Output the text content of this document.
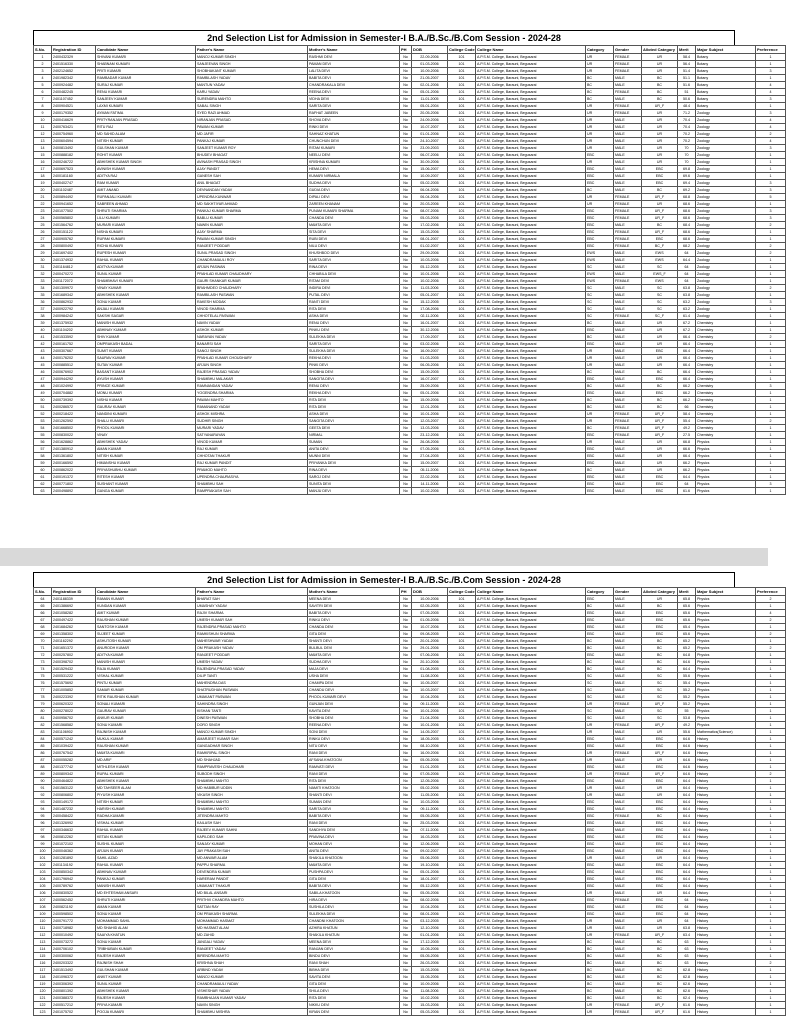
2nd Selection List for Admission in Semester-I B.A./B.Sc./B.Com Session - 2024-28
S.No.	Registration ID	Candidate Name	Father's Name	Mother's Name	PH	DOB	College Code	College Name	Category	Gender	Alloted Category	Merit	Major Subject	Preference
1	2400432329	SHIVANI KUMARI	MANOJ KUMAR SINGH	RASHMI DEVI	No	22-09-2006	101	A.P.S.M. College, Barauni, Begusarai	UR	FEMALE	UR	58.4	Botany	1
2	2401516330	SHABNAM KUMARI	SANJEEVAN SINGH	PAMAN DEVI	No	01-03-2006	101	A.P.S.M. College, Barauni, Begusarai	UR	FEMALE	UR	56.4	Botany	1
3	2402124652	PRITI KUMARI	SHOBHAKANT KUMAR	LALITA DEVI	No	10-09-2006	101	A.P.S.M. College, Barauni, Begusarai	UR	FEMALE	UR	51.4	Botany	3
4	2401982342	RAMBADAR KUMAR	RAMBILASH YADAV	BABITA DEVI	No	21-05-2007	101	A.P.S.M. College, Barauni, Begusarai	BC	MALE	BC	51.1	Botany	1
5	2400924482	SURAJ KUMAR	MANTUN YADAV	CHANDRAKALA DEVI	No	02-01-2006	101	A.P.S.M. College, Barauni, Begusarai	BC	MALE	BC	51.6	Botany	4
6	2400482245	RENU KUMARI	KARU YADAV	REENA DEVI	No	05-01-2006	101	A.P.S.M. College, Barauni, Begusarai	BC	FEMALE	BC	51	Botany	4
7	2401107452	SANJEEV KUMAR	SURENDRA MAHTO	VIDHA DEVI	No	11-01-2005	101	A.P.S.M. College, Barauni, Begusarai	BC	MALE	BC	50.6	Botany	3
8	2400904521	LAXMI KUMARI	SABAL SINGH	SARITA DEVI	No	05-01-2004	101	A.P.S.M. College, Barauni, Begusarai	UR	FEMALE	UR_F	48.4	Botany	1
9	2400179352	AYMAN FATIMA	SYED RAZI AHMAD	RAFHAT JABEEN	No	20-05-2006	101	A.P.S.M. College, Barauni, Begusarai	UR	FEMALE	UR	71.2	Zoology	3
10	2400416629	PRITYRANJAN PRASAD	NIRANJAN PRASAD	SHOVA DEVI	No	24-09-2006	101	A.P.S.M. College, Barauni, Begusarai	UR	MALE	UR	70.4	Zoology	4
11	2400763421	RITU RAJ	PAWAN KUMAR	RINKI DEVI	No	10-07-2007	101	A.P.S.M. College, Barauni, Begusarai	UR	MALE	UR	70.4	Zoology	4
12	2400754960	MD SAHID ALAM	MD JAFIR	SAHNAZ KHATUN	No	01-01-2006	101	A.P.S.M. College, Barauni, Begusarai	UR	MALE	UR	70.2	Zoology	2
13	2400604594	NITISH KUMAR	PANKAJ KUMAR	CHUNCHUN DEVI	No	24-10-2007	101	A.P.S.M. College, Barauni, Begusarai	UR	MALE	UR	70.2	Zoology	4
14	2400813492	GULSHAN KUMAR	SANJEET KUMAR ROY	RITAM KUMARI	No	23-09-2003	101	A.P.S.M. College, Barauni, Begusarai	UR	MALE	UR	70	Zoology	3
15	2400888182	ROHIT KUMAR	BHUDEV BHAGAT	NEELU DEVI	No	06-07-2006	101	A.P.S.M. College, Barauni, Begusarai	EBC	MALE	UR	70	Zoology	1
16	2400246722	ABHISHEK KUMAR SINGH	AVINASH PRASAD SINGH	KRISHNA KUMARI	No	30-09-2006	101	A.P.S.M. College, Barauni, Begusarai	UR	MALE	UR	70	Zoology	1
17	2400697523	AVINISH KUMAR	AJAY PANDIT	HEMA DEVI	No	15-06-2007	101	A.P.S.M. College, Barauni, Begusarai	EBC	MALE	EBC	69.8	Zoology	1
18	2400181160	ADITYA RAJ	GANESH SAH	KUMARI NIRMALA	No	10-09-2007	101	A.P.S.M. College, Barauni, Begusarai	EBC	MALE	EBC	69.6	Zoology	1
19	2400402747	RAM KUMAR	ANIL BHAGAT	SUDHA DEVI	No	05-02-2005	101	A.P.S.M. College, Barauni, Begusarai	EBC	MALE	EBC	69.4	Zoology	3
20	2401102487	AMIT ANAND	DEVNANDAN YADAV	GUDIA DEVI	No	06-04-2006	101	A.P.S.M. College, Barauni, Begusarai	BC	MALE	BC	69.2	Zoology	3
21	2400894492	RUPANJALI KUMARI	UPENDRA KUNWAR	DIPALI DEVI	No	06-04-2006	101	A.P.S.M. College, Barauni, Begusarai	UR	FEMALE	UR_F	68.8	Zoology	5
22	2400941652	SABREEN AHMAD	MD SAKHTIYAR AHMAD	ZAREEN KHANAM	No	20-03-2006	101	A.P.S.M. College, Barauni, Begusarai	UR	FEMALE	UR	68.6	Zoology	1
23	2401077502	SHRUTI SHARMA	PANKAJ KUMAR SHARMA	PUNAM KUMARI SHARMA	No	08-07-2006	101	A.P.S.M. College, Barauni, Begusarai	EBC	FEMALE	UR_F	68.6	Zoology	3
24	2400565802	LILU KUMARI	BABLU KUMAR	CHANDA DEVI	No	05-03-2006	101	A.P.S.M. College, Barauni, Begusarai	EBC	FEMALE	UR_F	68.6	Zoology	3
25	2401564762	MURARI KUMAR	NAWIN KUMAR	MAMTA DEVI	No	17-02-2006	101	A.P.S.M. College, Barauni, Begusarai	EBC	MALE	BC	68.4	Zoology	2
26	2400151122	NISHA KUMARI	AJAY SHARMA	SITA DEVI	No	15-03-2006	101	A.P.S.M. College, Barauni, Begusarai	EBC	FEMALE	UR_F	68.6	Zoology	1
27	2400905762	RUPAM KUMARI	PAWAN KUMAR SINGH	RUBI DEVI	No	08-01-2007	101	A.P.S.M. College, Barauni, Begusarai	EBC	FEMALE	EBC	68.6	Zoology	1
28	2400800492	RICHA KUMARI	RANJEET PODDAR	NILU DEVI	No	01-02-2007	101	A.P.S.M. College, Barauni, Begusarai	EBC	FEMALE	BC_F	68.2	Zoology	2
29	2401697402	RUPESH KUMAR	SUNIL PRASAD SINGH	KHUSHBOO DEVI	No	29-09-2006	101	A.P.S.M. College, Barauni, Begusarai	EWS	MALE	EWS	64	Zoology	2
30	2401374932	RAHUL KUMAR	CHANDRAMAULI ROY	SARITA DEVI	No	10-03-2006	101	A.P.S.M. College, Barauni, Begusarai	EWS	MALE	EWS	64.4	Zoology	1
31	2401164812	ADITYA KUMAR	ARJUN PASWAN	RINA DEVI	No	05-12-2005	101	A.P.S.M. College, Barauni, Begusarai	SC	MALE	SC	64	Zoology	1
32	2400470272	SUNIL KUMAR	PRAHLAD KUMAR CHAUDHARY	CHHABILA DEVI	No	10-01-2006	101	A.P.S.M. College, Barauni, Begusarai	EWS	MALE	EWS_F	64	Zoology	1
33	2401172072	SHAMBHAVI KUMARI	GAURI SHANKAR KUMAR	RITAM DEVI	No	10-02-2006	101	A.P.S.M. College, Barauni, Begusarai	EWS	FEMALE	EWS	64	Zoology	1
34	2401309972	VINAY KUMAR	BRAHMDEO CHAUDHARY	INDIRA DEVI	No	11-03-2006	101	A.P.S.M. College, Barauni, Begusarai	SC	MALE	SC	63.8	Zoology	2
35	2401689342	ABHISHEK KUMAR	RAMBILASH PASWAN	PUTAL DEVI	No	05-01-2007	101	A.P.S.M. College, Barauni, Begusarai	SC	MALE	SC	63.8	Zoology	1
36	2400862932	SONU KUMAR	RAKESH MODAK	RANTI DEVI	No	15-12-2005	101	A.P.S.M. College, Barauni, Begusarai	SC	MALE	SC	63.2	Zoology	3
37	2400922792	ANJALI KUMARI	VINOD SHARMA	RITA DEVI	No	17-08-2006	101	A.P.S.M. College, Barauni, Begusarai	SC	MALE	SC	63.2	Zoology	1
38	2400984242	SAKSHI SAGAR	CHHOTELAL PASWAN	ASHA DEVI	No	02-11-2006	101	A.P.S.M. College, Barauni, Begusarai	SC	FEMALE	SC_F	61.4	Zoology	1
39	2401375932	MANISH KUMAR	NAVIN YADAV	RENU DEVI	No	16-01-2007	101	A.P.S.M. College, Barauni, Begusarai	BC	MALE	UR	67.2	Chemistry	1
40	2401104202	ABHINAY KUMAR	ASHOK KUMAR	PINKU DEVI	No	30-12-2006	101	A.P.S.M. College, Barauni, Begusarai	EBC	MALE	UR	67.2	Chemistry	1
41	2401533592	SHIV KUMAR	NARAYAN YADAV	SULEKHA DEVI	No	17-09-2007	101	A.P.S.M. College, Barauni, Begusarai	BC	MALE	UR	66.4	Chemistry	2
42	2400161752	OMPRAKASH BADAL	BANARSI SAH	SARITA DEVI	No	03-02-2006	101	A.P.S.M. College, Barauni, Begusarai	EBC	MALE	UR	66.4	Chemistry	1
43	2400307667	SUMIT KUMAR	SANOJ SINGH	SULEKHA DEVI	No	16-09-2007	101	A.P.S.M. College, Barauni, Begusarai	UR	MALE	EBC	66.4	Chemistry	1
44	2400176202	SAURAV KUMAR	PRAHLAD KUMAR CHOUDHARY	REKHA DEVI	No	01-03-2005	101	A.P.S.M. College, Barauni, Begusarai	UR	MALE	UR	66.4	Chemistry	1
45	2400885512	SUTAV KUMAR	ARJUN SINGH	PINKI DEVI	No	06-05-2006	101	A.P.S.M. College, Barauni, Begusarai	UR	MALE	UR	66.4	Chemistry	1
46	2400676902	BASANT KUMAR	RAJESH PRASAD YADAV	SHOBHA DEVI	No	15-09-2005	101	A.P.S.M. College, Barauni, Begusarai	BC	MALE	BC	66.4	Chemistry	1
47	2400944292	AYUSH KUMAR	SHAMBHU MALAKAR	SANGITA DEVI	No	16-07-2007	101	A.P.S.M. College, Barauni, Begusarai	EBC	MALE	EBC	66.4	Chemistry	1
48	2401024992	PRINCE KUMAR	RAMNANDAN YADAV	RENU DEVI	No	25-09-2006	101	A.P.S.M. College, Barauni, Begusarai	BC	MALE	BC	66.2	Chemistry	3
49	2400704882	MONU KUMAR	YOGENDRA SHARMA	REKHA DEVI	No	05-01-2006	101	A.P.S.M. College, Barauni, Begusarai	EBC	MALE	EBC	66.2	Chemistry	1
50	2400739392	NISHU KUMAR	PAWAN MAHTO	RITA DEVI	No	15-09-2006	101	A.P.S.M. College, Barauni, Begusarai	BC	MALE	BC	66.2	Chemistry	1
51	2400286572	GAURAV KUMAR	RAMANAND YADAV	RITA DEVI	No	12-01-2006	101	A.P.S.M. College, Barauni, Begusarai	BC	MALE	BC	66	Chemistry	1
52	2400218422	NANDINI KUMARI	ASHOK MISHRA	ASHA DEVI	No	10-01-2006	101	A.P.S.M. College, Barauni, Begusarai	UR	FEMALE	UR_F	58.4	Chemistry	1
53	2401262592	SHALU KUMARI	SUDHIR SINGH	SANGITA DEVI	No	12-03-2007	101	A.P.S.M. College, Barauni, Begusarai	UR	FEMALE	UR_F	55.4	Chemistry	2
54	2401668502	PHOOL KUMARI	MURARI YADAV	GEETA DEVI	No	13-03-2006	101	A.P.S.M. College, Barauni, Begusarai	BC	FEMALE	UR_F	49.2	Chemistry	1
55	2400830022	VINAY	SATYANARAYAN	NIRMAL	No	23-12-2006	101	A.P.S.M. College, Barauni, Begusarai	EBC	FEMALE	UR_F	27.5	Chemistry	1
56	2401628862	ABHISHEK YADAV	VINOD KUMAR	SUMAN	No	26-08-2006	101	A.P.S.M. College, Barauni, Begusarai	UR	MALE	UR	66.8	Physics	1
57	2401380912	AMAN KUMAR	RAJ KUMAR	ANITA DEVI	No	07-05-2006	101	A.P.S.M. College, Barauni, Begusarai	EBC	MALE	UR	66.6	Physics	1
58	2401361802	NITISH KUMAR	CHHOTAN THAKUR	MUNNI DEVI	No	27-04-2005	101	A.P.S.M. College, Barauni, Begusarai	EBC	MALE	UR	66.4	Physics	1
59	2400166592	HIMANSHU KUMAR	RAJ KUMAR PANDIT	PRIYANKA DEVI	No	15-09-2007	101	A.P.S.M. College, Barauni, Begusarai	EBC	MALE	UR	66.2	Physics	1
60	2400862022	PRIYASHUBHU KUMAR	PRAMOD MAHTO	RINA DEVI	No	05-11-2006	101	A.P.S.M. College, Barauni, Begusarai	BC	MALE	UR	66.2	Physics	1
61	2400191372	RITESH KUMAR	UPENDRA CHAURASIYA	SAROJ DEVI	No	22-02-2006	101	A.P.S.M. College, Barauni, Begusarai	EBC	MALE	EBC	64.4	Physics	1
62	2400771802	SUSHANT KUMAR	SHAMBHU SAH	SUNITA DEVI	No	14-11-2006	101	A.P.S.M. College, Barauni, Begusarai	EBC	MALE	EBC	64	Physics	3
63	2400498892	GANGA KUMAR	RAMPRAKASH SAH	MANJU DEVI	No	10-02-2006	101	A.P.S.M. College, Barauni, Begusarai	EBC	MALE	EBC	61.6	Physics	1
2nd Selection List for Admission in Semester-I B.A./B.Sc./B.Com Session - 2024-28
S.No.	Registration ID	Candidate Name	Father's Name	Mother's Name	PH	DOB	College Code	College Name	Category	Gender	Alloted Category	Merit	Major Subject	Preference
64	2401188339	RAMAN KUMAR	BHARAT SAH	MEENA DEVI	No	10-09-2006	101	A.P.S.M. College, Barauni, Begusarai	EBC	MALE	UR	65.8	Physics	2
65	2401386692	KUNDAN KUMAR	UMASHAY YADAV	SAVITRI DEVI	No	02-05-2005	101	A.P.S.M. College, Barauni, Begusarai	BC	MALE	BC	65.6	Physics	1
66	2401058282	AMIT KUMAR	RAJIV SHARMA	BABITA DEVI	No	07-05-2005	101	A.P.S.M. College, Barauni, Begusarai	EBC	MALE	EBC	65.6	Physics	4
67	2400497422	RAUSHAN KUMAR	UMESH KUMAR SAH	RINKU DEVI	No	01-05-2006	101	A.P.S.M. College, Barauni, Begusarai	EBC	MALE	EBC	65.6	Physics	2
68	2401684262	SANTOSH KUMAR	RAJENDRA PRASAD MAHTO	CHANDA DEVI	No	10-07-2006	101	A.P.S.M. College, Barauni, Begusarai	EBC	MALE	EBC	65.4	Physics	1
69	2401358302	SUJEET KUMAR	RAMKISHUN SHARMA	GITA DEVI	No	09-08-2005	101	A.P.S.M. College, Barauni, Begusarai	EBC	MALE	EBC	65.6	Physics	2
70	2401162292	ASHUTOSH KUMAR	MAHESHWAR YADAV	SHANTI DEVI	No	20-01-2006	101	A.P.S.M. College, Barauni, Begusarai	BC	MALE	BC	65.2	Physics	1
71	2401651372	ANURODH KUMAR	OM PRAKASH YADAV	BULBUL DEVI	No	29-01-2006	101	A.P.S.M. College, Barauni, Begusarai	BC	MALE	BC	65.2	Physics	2
72	2400257802	ADITYA KUMAR	RANJEET PODDAR	MAMTA DEVI	No	07-06-2006	101	A.P.S.M. College, Barauni, Begusarai	EBC	MALE	BC	64.8	Physics	1
73	2400398702	MANISH KUMAR	UMESH YADAV	SUDHA DEVI	No	20-10-2006	101	A.P.S.M. College, Barauni, Begusarai	BC	MALE	BC	64.6	Physics	1
74	2401529432	RAJA KUMAR	RAJENDRA PRASAD YADAV	MAJA DEVI	No	01-08-2005	101	A.P.S.M. College, Barauni, Begusarai	BC	MALE	BC	64.4	Physics	1
75	2400531222	VISHAL KUMAR	DILIP TANTI	USHA DEVI	No	11-08-2006	101	A.P.S.M. College, Barauni, Begusarai	SC	MALE	SC	55.6	Physics	1
76	2401575692	PINTU KUMAR	MAHENDRA DAS	CHAMPA DEVI	No	10-05-2007	101	A.P.S.M. College, Barauni, Begusarai	SC	MALE	SC	55.4	Physics	1
77	2401005852	SAMAR KUMAR	SHATRUDHAN PASWAN	CHANDU DEVI	No	10-03-2007	101	A.P.S.M. College, Barauni, Begusarai	SC	MALE	SC	55.2	Physics	1
78	2400223392	RITIK RAUSHAN KUMAR	UMAKANT PASWAN	PHOOL KUMARI DEVI	No	10-04-2006	101	A.P.S.M. College, Barauni, Begusarai	SC	MALE	SC	55.2	Physics	1
79	2400620322	SONALI KUMARI	SAHINDRA SINGH	GUNJAN DEVI	No	09-11-2005	101	A.P.S.M. College, Barauni, Begusarai	UR	FEMALE	UR_F	55.2	Physics	1
80	2400278022	GAURAV KUMAR	KISHAN TANTI	KAVITA DEVI	No	10-01-2006	101	A.P.S.M. College, Barauni, Begusarai	SC	MALE	SC	55	Physics	1
81	2400956702	ANKUR KUMAR	DINESH PASWAN	SHOBHA DEVI	No	21-04-2006	101	A.P.S.M. College, Barauni, Begusarai	SC	MALE	SC	53.8	Physics	1
82	2401568582	SONU KUMARI	DORO SINGH	REENA DEVI	No	10-01-2006	101	A.P.S.M. College, Barauni, Begusarai	UR	FEMALE	UR_F	49.2	Physics	1
83	2401106902	RAJNISH KUMAR	MANOJ KUMAR SINGH	SONI DEVI	No	14-05-2007	101	A.P.S.M. College, Barauni, Begusarai	UR	MALE	UR	55.6	Mathematics(Science)	1
84	2400571242	MUKUL KUMAR	AMARJEET KUMAR SAH	RINKU DEVI	No	18-05-2005	101	A.P.S.M. College, Barauni, Begusarai	EBC	MALE	EBC	64.6	History	1
85	2401039422	RAUSHAN KUMAR	GANGADHAR SINGH	NITU DEVI	No	08-10-2006	101	A.P.S.M. College, Barauni, Begusarai	EBC	MALE	EBC	64.6	History	1
86	2400767542	MAMTA KUMARI	RAMKRIPAL SINGH	RANI DEVI	No	16-09-2006	101	A.P.S.M. College, Barauni, Begusarai	UR	FEMALE	UR_F	64.6	History	1
87	2400055282	MD ARIF	MD SHAHJAD	AFSANA KHATOON	No	05-05-2006	101	A.P.S.M. College, Barauni, Begusarai	UR	MALE	UR	64.6	History	1
88	2401377742	MITHLESH KUMAR	RAMPRAVESH CHAUDHARI	RAMVATI DEVI	No	01-01-2005	101	A.P.S.M. College, Barauni, Begusarai	EBC	MALE	EBC	64.6	History	1
89	2400809342	RUPAL KUMARI	SUBODH SINGH	RANI DEVI	No	07-05-2006	101	A.P.S.M. College, Barauni, Begusarai	UR	FEMALE	UR_F	64.6	History	2
90	2400464822	ABHISHEK KUMAR	SHAMBHU MAHTO	RITA DEVI	No	12-05-2006	101	A.P.S.M. College, Barauni, Begusarai	EBC	MALE	EBC	64.4	History	1
91	2401563122	MD TAHSEER ALAM	MD HABIBUR UDDIN	NAMITI KHATOON	No	05-02-2006	101	A.P.S.M. College, Barauni, Begusarai	UR	MALE	UR	64.4	History	1
92	2400806802	PIYUSH KUMAR	VIKASH SINGH	SHANTI DEVI	No	11-05-2006	101	A.P.S.M. College, Barauni, Begusarai	UR	MALE	UR	64.4	History	1
93	2400149172	NITISH KUMAR	SHAMBHU MAHTO	SUMAN DEVI	No	10-03-2006	101	A.P.S.M. College, Barauni, Begusarai	EBC	MALE	EBC	64.4	History	1
94	2401487232	HARISH KUMAR	SHAMBHU MAHTO	SARITA DEVI	No	09-11-2006	101	A.P.S.M. College, Barauni, Begusarai	EBC	MALE	EBC	64.4	History	1
95	2400458422	RADHA KUMARI	JITENDRA MAHTO	BABITA DEVI	No	05-05-2006	101	A.P.S.M. College, Barauni, Begusarai	EBC	FEMALE	BC	64.4	History	1
96	2401326992	VISHAL KUMAR	KAILASH SAH	RANI DEVI	No	25-03-2006	101	A.P.S.M. College, Barauni, Begusarai	EBC	MALE	EBC	64.4	History	1
97	2400346632	RAHUL KUMAR	RAJEEV KUMAR SAHNI	SANDHYA DEVI	No	07-11-2006	101	A.P.S.M. College, Barauni, Begusarai	EBC	MALE	EBC	64.4	History	1
98	2400812262	KETAN KUMAR	KAPILDEO SAH	PRAVINA DEVI	No	16-03-2005	101	A.P.S.M. College, Barauni, Begusarai	EBC	MALE	EBC	64.4	History	1
99	2401072102	SUSHIL KUMAR	SANJAY KUMAR	MOHAN DEVI	No	12-06-2006	101	A.P.S.M. College, Barauni, Begusarai	EBC	MALE	EBC	64.4	History	1
100	2400046362	ARJUN KUMAR	JAY PRAKASH SAH	ANITA DEVI	No	09-02-2007	101	A.P.S.M. College, Barauni, Begusarai	EBC	MALE	EBC	64.4	History	1
101	2401281892	SAHIL AZAD	MD ANWAR ALAM	SHAKILA KHATOON	No	05-06-2005	101	A.P.S.M. College, Barauni, Begusarai	UR	MALE	UR	64.4	History	1
102	2401134192	RAHUL KUMAR	PAPPU SHARMA	MAMTA DEVI	No	19-10-2006	101	A.P.S.M. College, Barauni, Begusarai	EBC	MALE	EBC	64.4	History	1
103	2400850342	ABHINAV KUMAR	DEVENDRA KUMAR	PUSHPA DEVI	No	05-01-2006	101	A.P.S.M. College, Barauni, Begusarai	EBC	MALE	EBC	64.4	History	1
104	2401796942	PANKAJ KUMAR	HARERAM PANDIT	GITA DEVI	No	18-01-2007	101	A.P.S.M. College, Barauni, Begusarai	EBC	MALE	EBC	64.4	History	1
105	2400789762	MANISH KUMAR	UMAKANT THAKUR	BABITA DEVI	No	05-12-2005	101	A.P.S.M. College, Barauni, Begusarai	EBC	MALE	EBC	64.4	History	1
106	2400830522	MD EHTESHAM ANSARI	MD BILAL ANSARI	SABILA KHATOON	No	05-05-2006	101	A.P.S.M. College, Barauni, Begusarai	UR	MALE	UR	64.4	History	1
107	2400562452	SHRUTI KUMARI	PRITHVI CHANDRA MAHTO	HIRA DEVI	No	08-02-2006	101	A.P.S.M. College, Barauni, Begusarai	EBC	FEMALE	EBC	64	History	1
108	2400821192	AMAN KUMAR	SATTAN RAY	SUSHILA DEVI	No	10-04-2006	101	A.P.S.M. College, Barauni, Begusarai	EBC	MALE	EBC	64	History	1
109	2400598502	SONU KUMAR	OM PRAKASH SHARMA	SULEKHA DEVI	No	08-01-2006	101	A.P.S.M. College, Barauni, Begusarai	EBC	MALE	EBC	64	History	1
110	2400791772	MOHAMMAD SAHIL	MOHAMMAD HASMAT	CHANDNI KHATOON	No	03-12-2005	101	A.P.S.M. College, Barauni, Begusarai	UR	MALE	UR	64	History	1
111	2400718982	MD SHAHID ALAM	MD HASMAT ALAM	AZHIRA KHATUN	No	12-10-2006	101	A.P.S.M. College, Barauni, Begusarai	UR	MALE	UR	63.8	History	1
112	2400010492	SAAIYA KHATUN	MD ZAHID	SHAKILA KHATUN	No	01-01-2006	101	A.P.S.M. College, Barauni, Begusarai	UR	FEMALE	UR_F	63.4	History	1
113	2400073272	SONU KUMAR	JANGALI YADAV	MEENA DEVI	No	17-12-2005	101	A.P.S.M. College, Barauni, Begusarai	BC	MALE	BC	63	History	1
114	2400706102	TRIBHUBAN KUMAR	RANJEET YADAV	RANJAN DEVI	No	10-05-2006	101	A.P.S.M. College, Barauni, Begusarai	BC	MALE	BC	63	History	1
115	2400300062	RAJESH KUMAR	BIRENDRA MAHTO	BINDU DEVI	No	05-05-2006	101	A.P.S.M. College, Barauni, Begusarai	BC	MALE	BC	63	History	1
116	2400203322	RAJNISH SHAH	KRISHNA SHAH	RANI SHAH	No	26-03-2006	101	A.P.S.M. College, Barauni, Begusarai	BC	MALE	BC	63	History	2
117	2401513492	GULSHAN KUMAR	ARBIND YADAV	BIBHA DEVI	No	15-03-2006	101	A.P.S.M. College, Barauni, Begusarai	BC	MALE	BC	62.8	History	1
118	2401096372	ANKIT KUMAR	MANOJ KUMAR	SAVITA DEVI	No	15-05-2006	101	A.P.S.M. College, Barauni, Begusarai	BC	MALE	BC	62.8	History	1
119	2400306392	SUNIL KUMAR	CHANDRAMAULI YADAV	GITA DEVI	No	10-09-2006	101	A.P.S.M. College, Barauni, Begusarai	BC	MALE	BC	62.6	History	1
120	2400801392	ABHISHEK KUMAR	VISHESHAR YADAV	SHILA DEVI	No	11-08-2006	101	A.P.S.M. College, Barauni, Begusarai	BC	MALE	BC	62.6	History	1
121	2400388372	RAJESH KUMAR	RAMBHAJAN KUMAR YADAV	RITA DEVI	No	10-02-2006	101	A.P.S.M. College, Barauni, Begusarai	BC	MALE	BC	62.4	History	1
122	2400517212	PRIYA KUMARI	NAVIN SINGH	NIKKU DEVI	No	15-03-2006	101	A.P.S.M. College, Barauni, Begusarai	UR	FEMALE	UR_F	61.6	History	1
123	2401075702	POOJA KUMARI	SHAMBHU MISHRA	KIRAN DEVI	No	05-03-2006	101	A.P.S.M. College, Barauni, Begusarai	UR	FEMALE	UR_F	61.6	History	1
